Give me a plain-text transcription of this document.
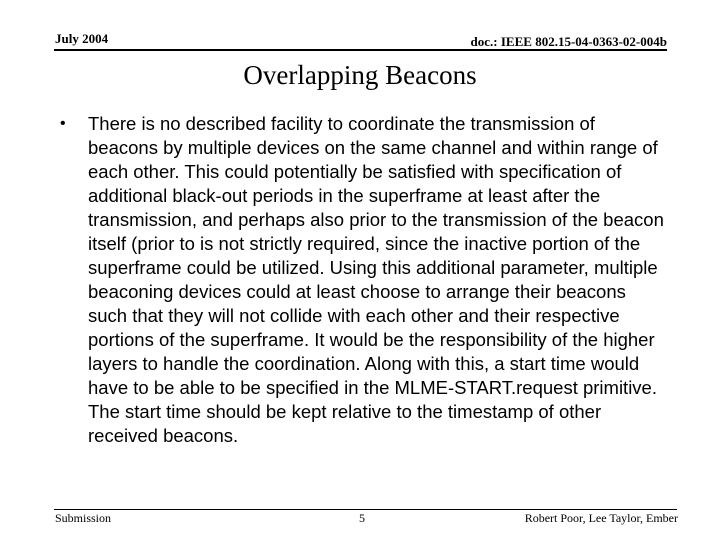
July 2004	doc.: IEEE 802.15-04-0363-02-004b
Overlapping Beacons
• There is no described facility to coordinate the transmission of beacons by multiple devices on the same channel and within range of each other. This could potentially be satisfied with specification of additional black-out periods in the superframe at least after the transmission, and perhaps also prior to the transmission of the beacon itself (prior to is not strictly required, since the inactive portion of the superframe could be utilized. Using this additional parameter, multiple beaconing devices could at least choose to arrange their beacons such that they will not collide with each other and their respective portions of the superframe. It would be the responsibility of the higher layers to handle the coordination. Along with this, a start time would have to be able to be specified in the MLME-START.request primitive. The start time should be kept relative to the timestamp of other received beacons.

Submission	5	Robert Poor, Lee Taylor, Ember
